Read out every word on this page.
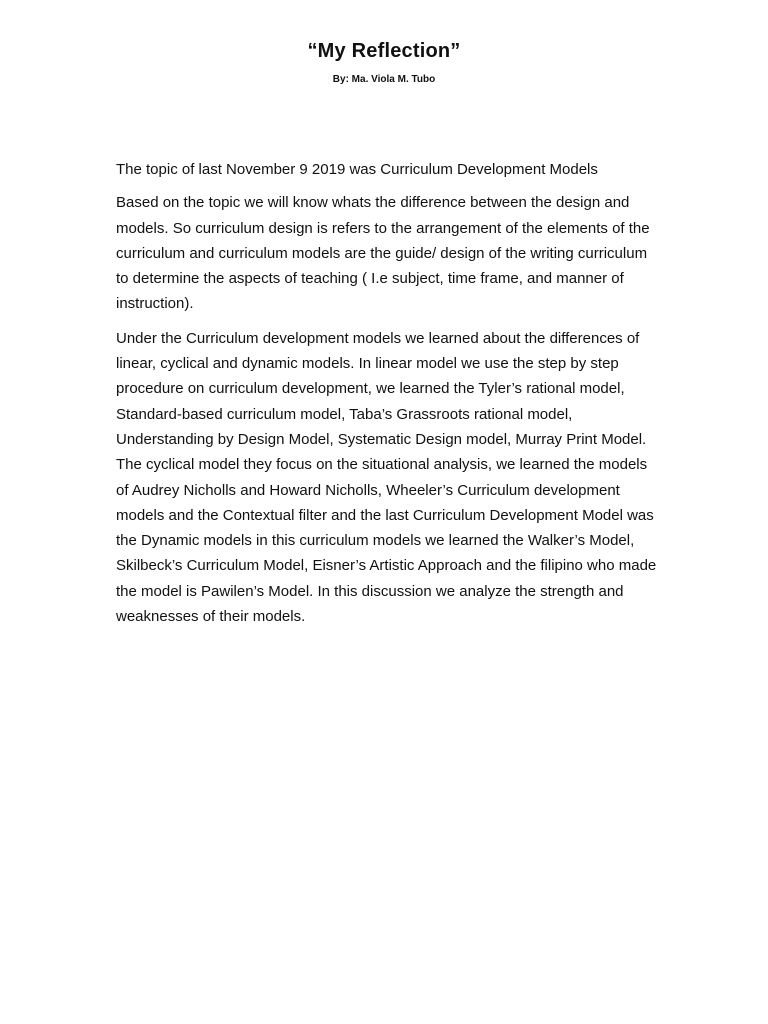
“My Reflection”

By: Ma. Viola M. Tubo

The topic of last November 9 2019 was Curriculum Development Models

Based on the topic we will know whats the difference between the design and models. So curriculum design is refers to the arrangement of the elements of the curriculum and curriculum models are the guide/ design of the writing curriculum to determine the aspects of teaching ( I.e subject, time frame, and manner of instruction).

Under the Curriculum development models we learned about the differences of linear, cyclical and dynamic models. In linear model we use the step by step procedure on curriculum development, we learned the Tyler’s rational model, Standard-based curriculum model, Taba’s Grassroots rational model, Understanding by Design Model, Systematic Design model, Murray Print Model. The cyclical model they focus on the situational analysis, we learned the models of Audrey Nicholls and Howard Nicholls, Wheeler’s Curriculum development models and the Contextual filter and the last Curriculum Development Model was the Dynamic models in this curriculum models we learned the Walker’s Model, Skilbeck’s Curriculum Model, Eisner’s Artistic Approach and the filipino who made the model is Pawilen’s Model. In this discussion we analyze the strength and weaknesses of their models.
